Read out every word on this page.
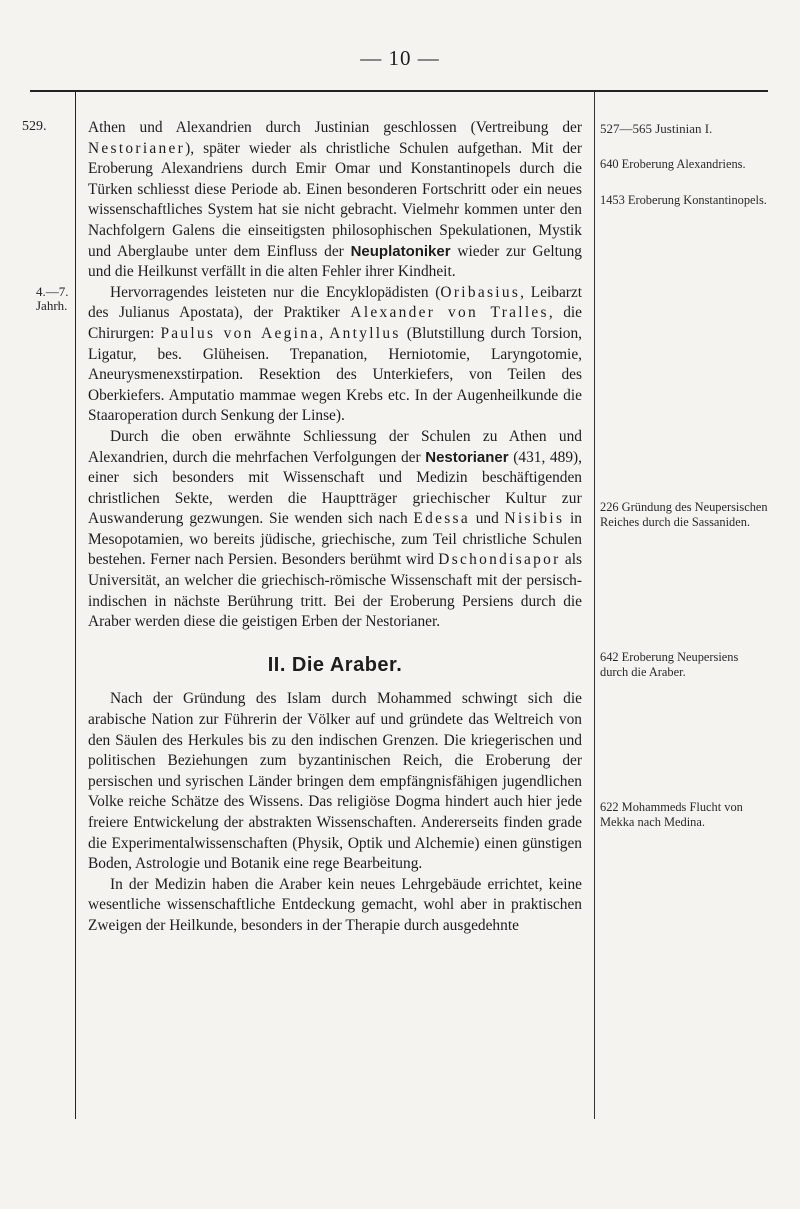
— 10 —
529.
4.—7.
Jahrh.

Athen und Alexandrien durch Justinian geschlossen (Vertreibung der Nestorianer), später wieder als christliche Schulen aufgethan. Mit der Eroberung Alexandriens durch Emir Omar und Konstantinopels durch die Türken schliesst diese Periode ab. Einen besonderen Fortschritt oder ein neues wissenschaftliches System hat sie nicht gebracht. Vielmehr kommen unter den Nachfolgern Galens die einseitigsten philosophischen Spekulationen, Mystik und Aberglaube unter dem Einfluss der Neuplatoniker wieder zur Geltung und die Heilkunst verfällt in die alten Fehler ihrer Kindheit.

Hervorragendes leisteten nur die Encyklopädisten (Oribasius, Leibarzt des Julianus Apostata), der Praktiker Alexander von Tralles, die Chirurgen: Paulus von Aegina, Antyllus (Blutstillung durch Torsion, Ligatur, bes. Glüheisen. Trepanation, Herniotomie, Laryngotomie, Aneurysmenexstirpation. Resektion des Unterkiefers, von Teilen des Oberkiefers. Amputatio mammae wegen Krebs etc. In der Augenheilkunde die Staaroperation durch Senkung der Linse).

Durch die oben erwähnte Schliessung der Schulen zu Athen und Alexandrien, durch die mehrfachen Verfolgungen der Nestorianer (431, 489), einer sich besonders mit Wissenschaft und Medizin beschäftigenden christlichen Sekte, werden die Hauptträger griechischer Kultur zur Auswanderung gezwungen. Sie wenden sich nach Edessa und Nisibis in Mesopotamien, wo bereits jüdische, griechische, zum Teil christliche Schulen bestehen. Ferner nach Persien. Besonders berühmt wird Dschondisapor als Universität, an welcher die griechisch-römische Wissenschaft mit der persisch-indischen in nächste Berührung tritt. Bei der Eroberung Persiens durch die Araber werden diese die geistigen Erben der Nestorianer.

II. Die Araber.

Nach der Gründung des Islam durch Mohammed schwingt sich die arabische Nation zur Führerin der Völker auf und gründete das Weltreich von den Säulen des Herkules bis zu den indischen Grenzen. Die kriegerischen und politischen Beziehungen zum byzantinischen Reich, die Eroberung der persischen und syrischen Länder bringen dem empfängnisfähigen jugendlichen Volke reiche Schätze des Wissens. Das religiöse Dogma hindert auch hier jede freiere Entwickelung der abstrakten Wissenschaften. Andererseits finden grade die Experimentalwissenschaften (Physik, Optik und Alchemie) einen günstigen Boden, Astrologie und Botanik eine rege Bearbeitung.

In der Medizin haben die Araber kein neues Lehrgebäude errichtet, keine wesentliche wissenschaftliche Entdeckung gemacht, wohl aber in praktischen Zweigen der Heilkunde, besonders in der Therapie durch ausgedehnte

527—565 Justinian I.
640 Eroberung Alexandriens.
1453 Eroberung Konstantinopels.
226 Gründung des Neupersischen Reiches durch die Sassaniden.
642 Eroberung Neupersiens durch die Araber.
622 Mohammeds Flucht von Mekka nach Medina.
